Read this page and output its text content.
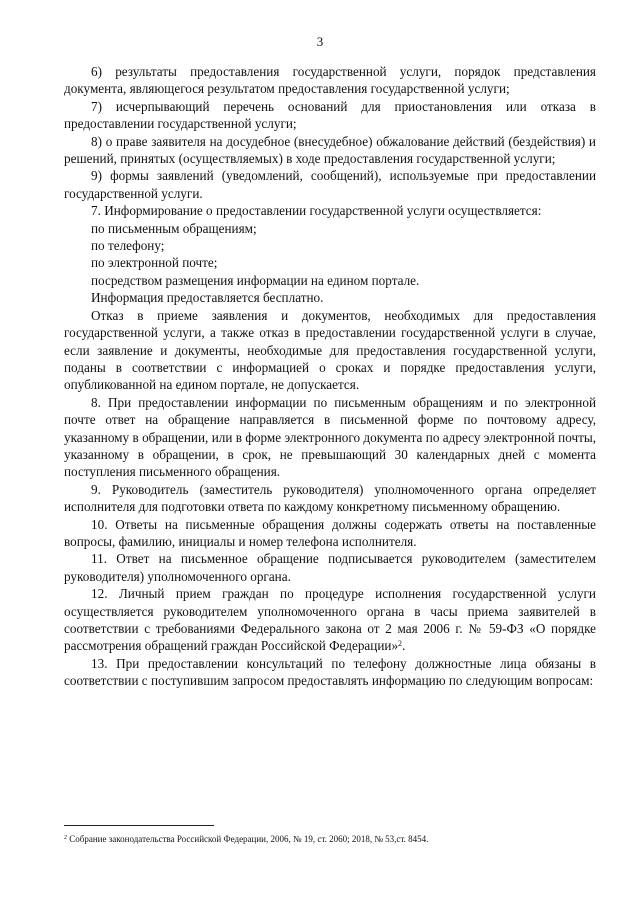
3

6) результаты предоставления государственной услуги, порядок представления документа, являющегося результатом предоставления государственной услуги;

7) исчерпывающий перечень оснований для приостановления или отказа в предоставлении государственной услуги;

8) о праве заявителя на досудебное (внесудебное) обжалование действий (бездействия) и решений, принятых (осуществляемых) в ходе предоставления государственной услуги;

9) формы заявлений (уведомлений, сообщений), используемые при предоставлении государственной услуги.

7. Информирование о предоставлении государственной услуги осуществляется:

по письменным обращениям;

по телефону;

по электронной почте;

посредством размещения информации на едином портале.

Информация предоставляется бесплатно.

Отказ в приеме заявления и документов, необходимых для предоставления государственной услуги, а также отказ в предоставлении государственной услуги в случае, если заявление и документы, необходимые для предоставления государственной услуги, поданы в соответствии с информацией о сроках и порядке предоставления услуги, опубликованной на едином портале, не допускается.

8. При предоставлении информации по письменным обращениям и по электронной почте ответ на обращение направляется в письменной форме по почтовому адресу, указанному в обращении, или в форме электронного документа по адресу электронной почты, указанному в обращении, в срок, не превышающий 30 календарных дней с момента поступления письменного обращения.

9. Руководитель (заместитель руководителя) уполномоченного органа определяет исполнителя для подготовки ответа по каждому конкретному письменному обращению.

10. Ответы на письменные обращения должны содержать ответы на поставленные вопросы, фамилию, инициалы и номер телефона исполнителя.

11. Ответ на письменное обращение подписывается руководителем (заместителем руководителя) уполномоченного органа.

12. Личный прием граждан по процедуре исполнения государственной услуги осуществляется руководителем уполномоченного органа в часы приема заявителей в соответствии с требованиями Федерального закона от 2 мая 2006 г. № 59-ФЗ «О порядке рассмотрения обращений граждан Российской Федерации»$^2$.

13. При предоставлении консультаций по телефону должностные лица обязаны в соответствии с поступившим запросом предоставлять информацию по следующим вопросам:

$^2$ Собрание законодательства Российской Федерации, 2006, № 19, ст. 2060; 2018, № 53,ст. 8454.
